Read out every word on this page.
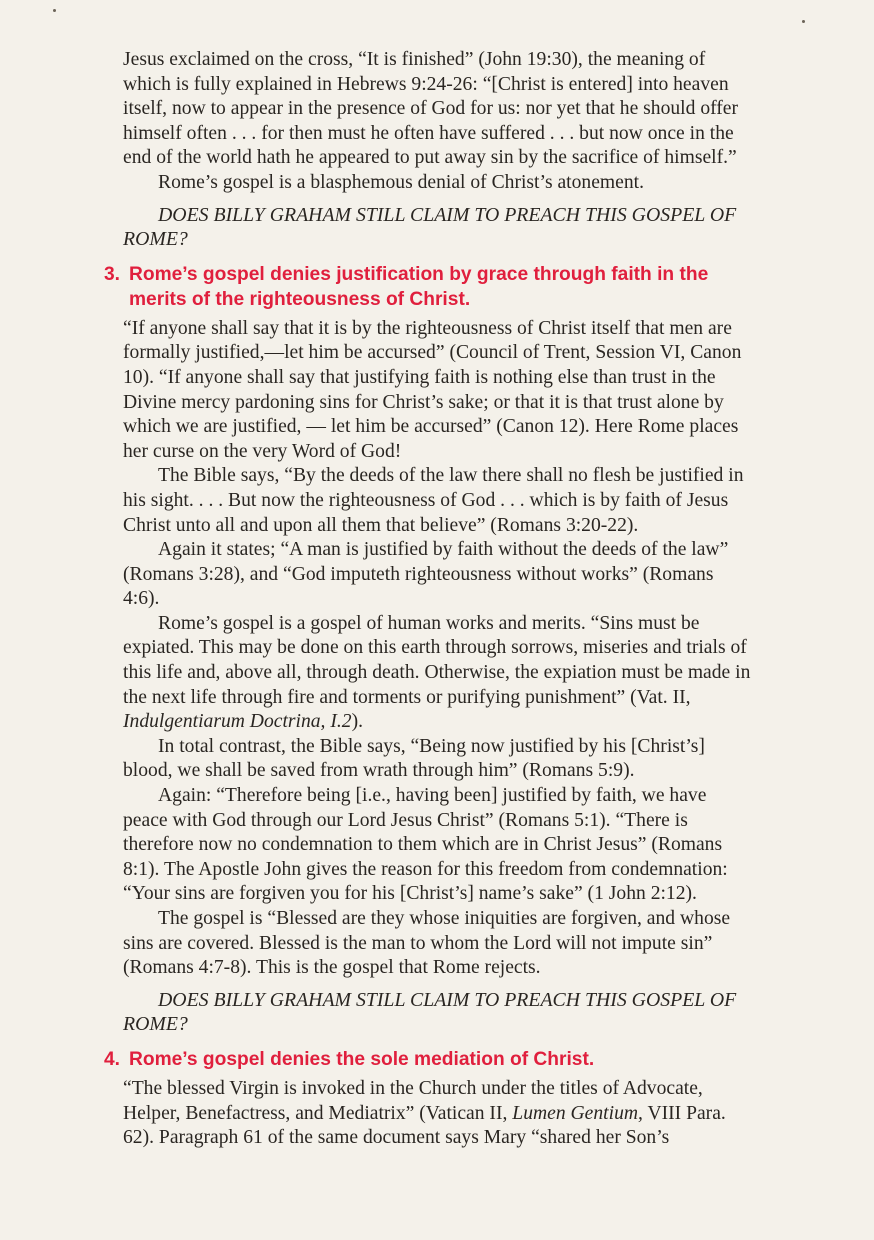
Jesus exclaimed on the cross, “It is finished” (John 19:30), the meaning of which is fully explained in Hebrews 9:24-26: “[Christ is entered] into heaven itself, now to appear in the presence of God for us: nor yet that he should offer himself often . . . for then must he often have suffered . . . but now once in the end of the world hath he appeared to put away sin by the sacrifice of himself.”

Rome’s gospel is a blasphemous denial of Christ’s atonement.

DOES BILLY GRAHAM STILL CLAIM TO PREACH THIS GOSPEL OF ROME?

3. Rome’s gospel denies justification by grace through faith in the merits of the righteousness of Christ.

“If anyone shall say that it is by the righteousness of Christ itself that men are formally justified,—let him be accursed” (Council of Trent, Session VI, Canon 10). “If anyone shall say that justifying faith is nothing else than trust in the Divine mercy pardoning sins for Christ’s sake; or that it is that trust alone by which we are justified, — let him be accursed” (Canon 12). Here Rome places her curse on the very Word of God!

The Bible says, “By the deeds of the law there shall no flesh be justified in his sight. . . . But now the righteousness of God . . . which is by faith of Jesus Christ unto all and upon all them that believe” (Romans 3:20-22).

Again it states; “A man is justified by faith without the deeds of the law” (Romans 3:28), and “God imputeth righteousness without works” (Romans 4:6).

Rome’s gospel is a gospel of human works and merits. “Sins must be expiated. This may be done on this earth through sorrows, miseries and trials of this life and, above all, through death. Otherwise, the expiation must be made in the next life through fire and torments or purifying punishment” (Vat. II, Indulgentiarum Doctrina, I.2).

In total contrast, the Bible says, “Being now justified by his [Christ’s] blood, we shall be saved from wrath through him” (Romans 5:9).

Again: “Therefore being [i.e., having been] justified by faith, we have peace with God through our Lord Jesus Christ” (Romans 5:1). “There is therefore now no condemnation to them which are in Christ Jesus” (Romans 8:1). The Apostle John gives the reason for this freedom from condemnation: “Your sins are forgiven you for his [Christ’s] name’s sake” (1 John 2:12).

The gospel is “Blessed are they whose iniquities are forgiven, and whose sins are covered. Blessed is the man to whom the Lord will not impute sin” (Romans 4:7-8). This is the gospel that Rome rejects.

DOES BILLY GRAHAM STILL CLAIM TO PREACH THIS GOSPEL OF ROME?

4. Rome’s gospel denies the sole mediation of Christ.

“The blessed Virgin is invoked in the Church under the titles of Advocate, Helper, Benefactress, and Mediatrix” (Vatican II, Lumen Gentium, VIII Para. 62). Paragraph 61 of the same document says Mary “shared her Son’s
